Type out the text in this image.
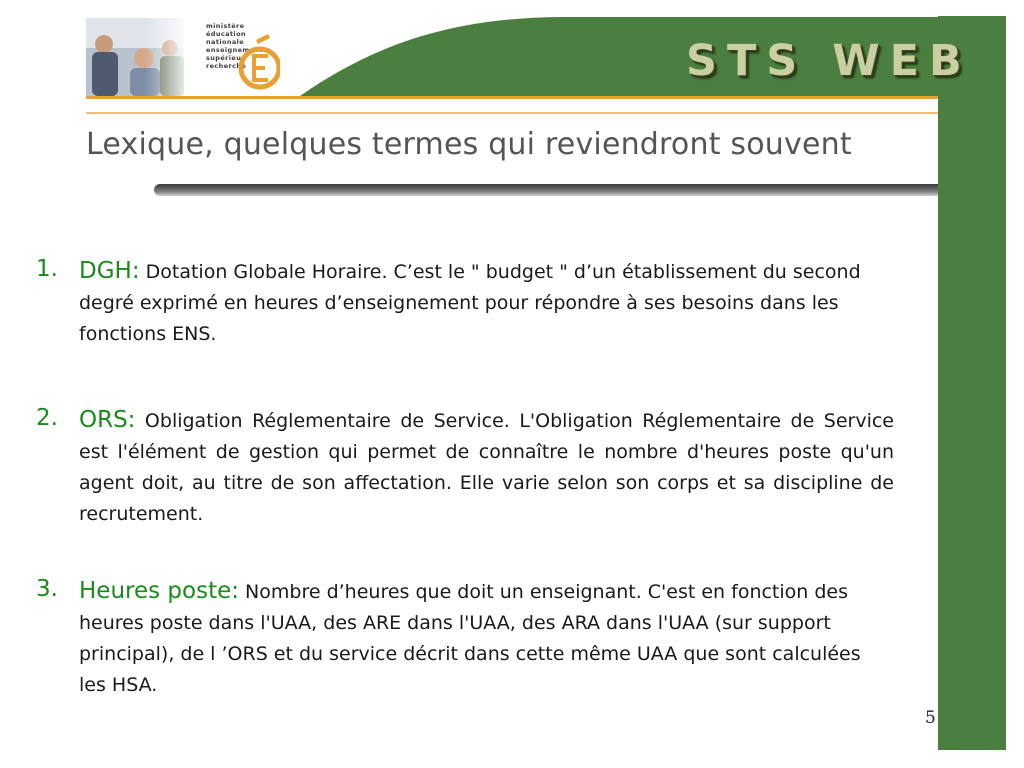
ministère
éducation
nationale
enseignement
supérieur
recherche	STS WEB
Lexique, quelques termes qui reviendront souvent
1. DGH: Dotation Globale Horaire. C’est le " budget " d’un établissement du second degré exprimé en heures d’enseignement pour répondre à ses besoins dans les fonctions ENS.
2. ORS: Obligation Réglementaire de Service. L'Obligation Réglementaire de Service est l'élément de gestion qui permet de connaître le nombre d'heures poste qu'un agent doit, au titre de son affectation. Elle varie selon son corps et sa discipline de recrutement.
3. Heures poste: Nombre d’heures que doit un enseignant. C'est en fonction des heures poste dans l'UAA, des ARE dans l'UAA, des ARA dans l'UAA (sur support principal), de l ’ORS et du service décrit dans cette même UAA que sont calculées les HSA.
5
